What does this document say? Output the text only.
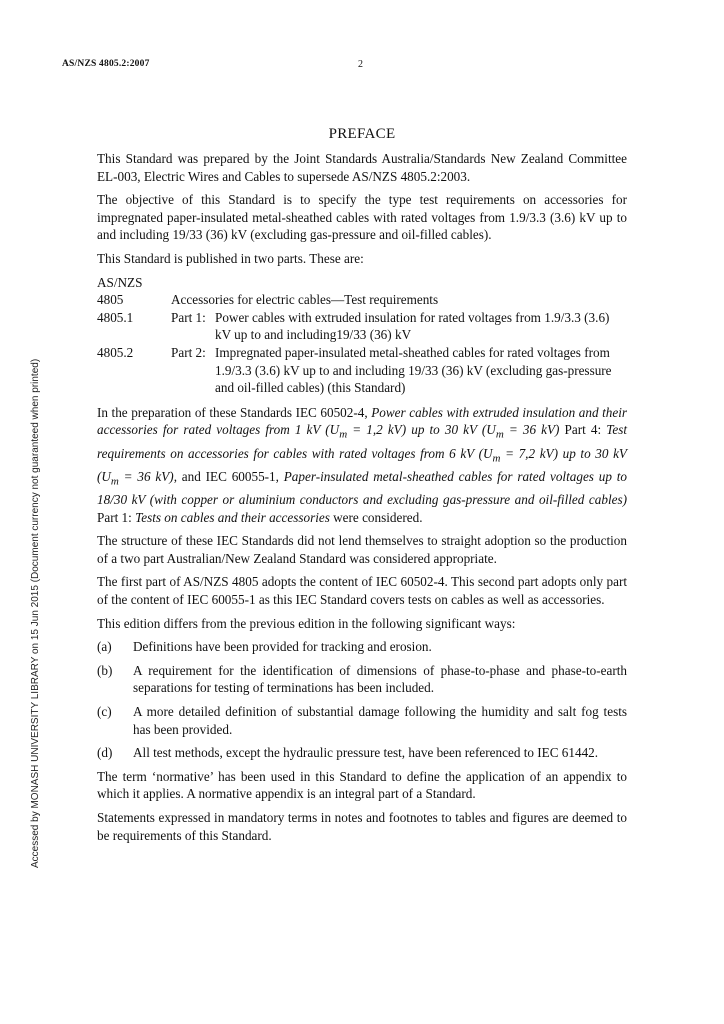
AS/NZS 4805.2:2007	2
Accessed by MONASH UNIVERSITY LIBRARY on 15 Jun 2015 (Document currency not guaranteed when printed)
PREFACE

This Standard was prepared by the Joint Standards Australia/Standards New Zealand Committee EL-003, Electric Wires and Cables to supersede AS/NZS 4805.2:2003.

The objective of this Standard is to specify the type test requirements on accessories for impregnated paper-insulated metal-sheathed cables with rated voltages from 1.9/3.3 (3.6) kV up to and including 19/33 (36) kV (excluding gas-pressure and oil-filled cables).

This Standard is published in two parts. These are:

AS/NZS
4805	Accessories for electric cables—Test requirements
4805.1	Part 1: Power cables with extruded insulation for rated voltages from 1.9/3.3 (3.6) kV up to and including19/33 (36) kV
4805.2	Part 2: Impregnated paper-insulated metal-sheathed cables for rated voltages from 1.9/3.3 (3.6) kV up to and including 19/33 (36) kV (excluding gas-pressure and oil-filled cables) (this Standard)

In the preparation of these Standards IEC 60502-4, Power cables with extruded insulation and their accessories for rated voltages from 1 kV ($U_m = 1,2$ kV) up to 30 kV ($U_m = 36$ kV) Part 4: Test requirements on accessories for cables with rated voltages from 6 kV ($U_m = 7,2$ kV) up to 30 kV ($U_m = 36$ kV), and IEC 60055-1, Paper-insulated metal-sheathed cables for rated voltages up to 18/30 kV (with copper or aluminium conductors and excluding gas-pressure and oil-filled cables) Part 1: Tests on cables and their accessories were considered.

The structure of these IEC Standards did not lend themselves to straight adoption so the production of a two part Australian/New Zealand Standard was considered appropriate.

The first part of AS/NZS 4805 adopts the content of IEC 60502-4. This second part adopts only part of the content of IEC 60055-1 as this IEC Standard covers tests on cables as well as accessories.

This edition differs from the previous edition in the following significant ways:

(a)	Definitions have been provided for tracking and erosion.
(b)	A requirement for the identification of dimensions of phase-to-phase and phase-to-earth separations for testing of terminations has been included.
(c)	A more detailed definition of substantial damage following the humidity and salt fog tests has been provided.
(d)	All test methods, except the hydraulic pressure test, have been referenced to IEC 61442.

The term ‘normative’ has been used in this Standard to define the application of an appendix to which it applies. A normative appendix is an integral part of a Standard.

Statements expressed in mandatory terms in notes and footnotes to tables and figures are deemed to be requirements of this Standard.
